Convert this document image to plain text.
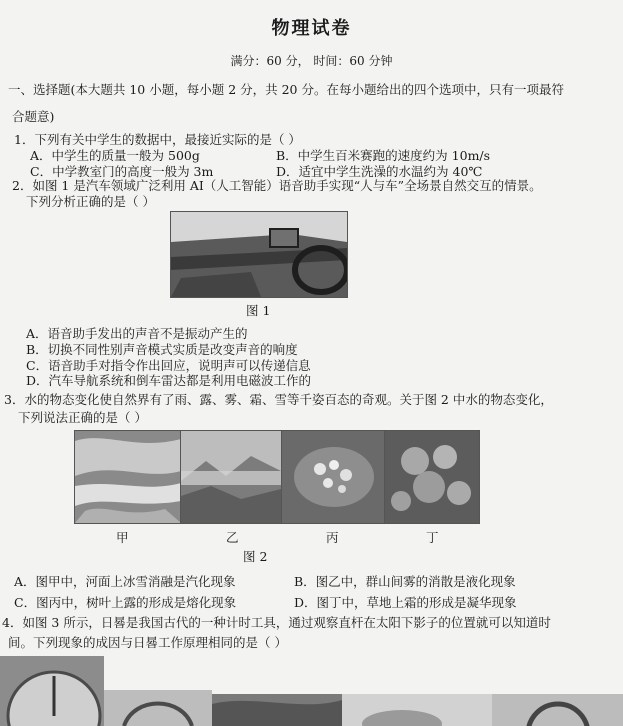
物理试卷
满分：60 分， 时间：60 分钟
一、选择题(本大题共 10 小题，每小题 2 分，共 20 分。在每小题给出的四个选项中，只有一项最符
合题意)
1．下列有关中学生的数据中，最接近实际的是（ ）
A．中学生的质量一般为 500g	B．中学生百米赛跑的速度约为 10m/s
C．中学教室门的高度一般为 3m	D．适宜中学生洗澡的水温约为 40℃
2．如图 1 是汽车领域广泛利用 AI（人工智能）语音助手实现“人与车”全场景自然交互的情景。
下列分析正确的是（ ）
图 1
A．语音助手发出的声音不是振动产生的
B．切换不同性别声音模式实质是改变声音的响度
C．语音助手对指令作出回应，说明声可以传递信息
D．汽车导航系统和倒车雷达都是利用电磁波工作的
3．水的物态变化使自然界有了雨、露、雾、霜、雪等千姿百态的奇观。关于图 2 中水的物态变化，
下列说法正确的是（ ）
甲	乙	丙	丁
图 2
A．图甲中，河面上冰雪消融是汽化现象	B．图乙中，群山间雾的消散是液化现象
C．图丙中，树叶上露的形成是熔化现象	D．图丁中，草地上霜的形成是凝华现象
4．如图 3 所示，日晷是我国古代的一种计时工具，通过观察直杆在太阳下影子的位置就可以知道时
间。下列现象的成因与日晷工作原理相同的是（ ）
